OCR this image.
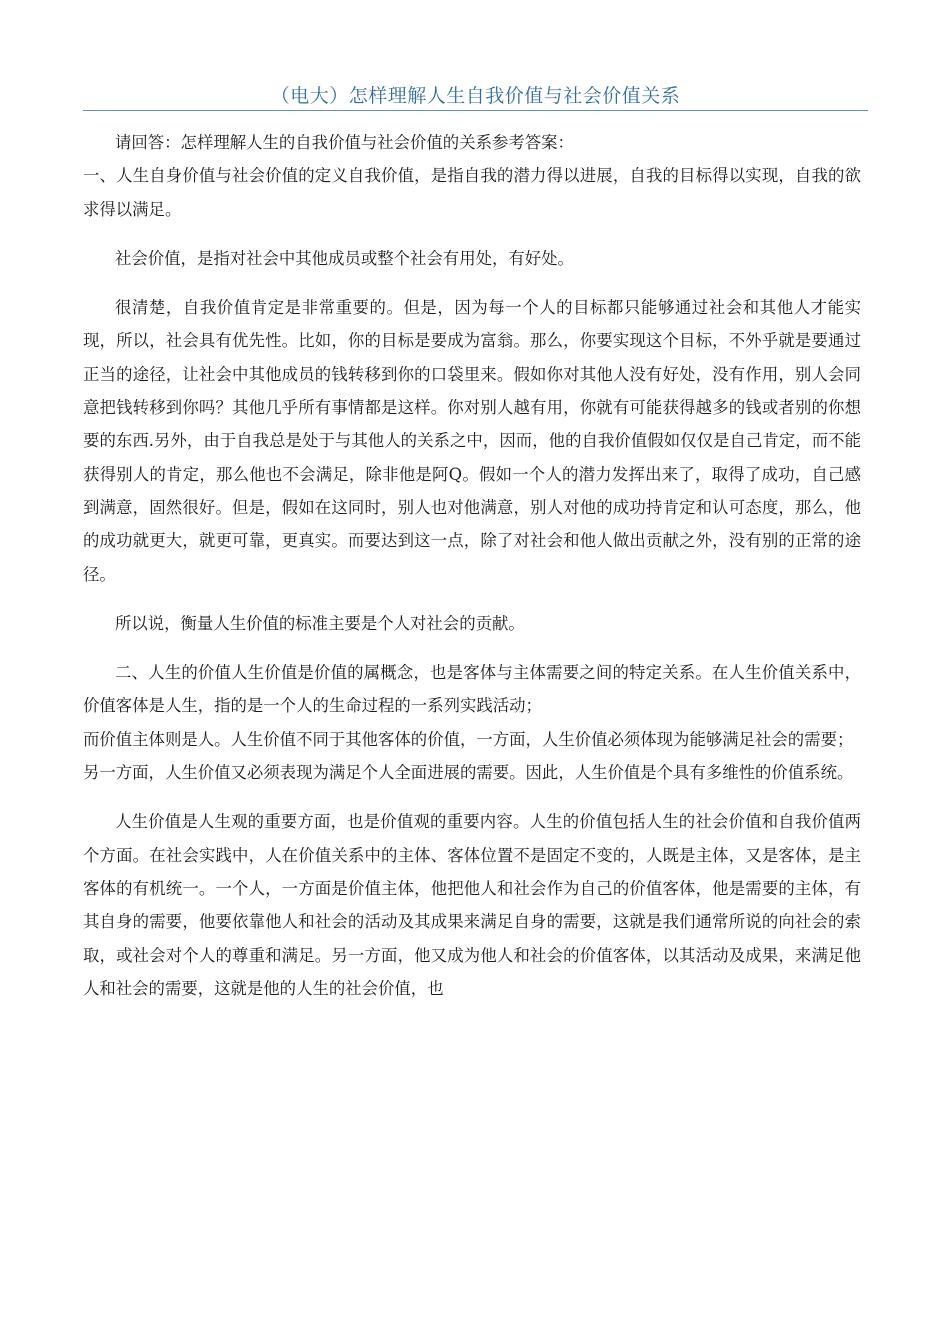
（电大）怎样理解人生自我价值与社会价值关系

请回答：怎样理解人生的自我价值与社会价值的关系参考答案：

一、人生自身价值与社会价值的定义自我价值，是指自我的潜力得以进展，自我的目标得以实现，自我的欲求得以满足。

社会价值，是指对社会中其他成员或整个社会有用处，有好处。

很清楚，自我价值肯定是非常重要的。但是，因为每一个人的目标都只能够通过社会和其他人才能实现，所以，社会具有优先性。比如，你的目标是要成为富翁。那么，你要实现这个目标，不外乎就是要通过正当的途径，让社会中其他成员的钱转移到你的口袋里来。假如你对其他人没有好处，没有作用，别人会同意把钱转移到你吗？其他几乎所有事情都是这样。你对别人越有用，你就有可能获得越多的钱或者别的你想要的东西.另外，由于自我总是处于与其他人的关系之中，因而，他的自我价值假如仅仅是自己肯定，而不能获得别人的肯定，那么他也不会满足，除非他是阿Q。假如一个人的潜力发挥出来了，取得了成功，自己感到满意，固然很好。但是，假如在这同时，别人也对他满意，别人对他的成功持肯定和认可态度，那么，他的成功就更大，就更可靠，更真实。而要达到这一点，除了对社会和他人做出贡献之外，没有别的正常的途径。

所以说，衡量人生价值的标准主要是个人对社会的贡献。

二、人生的价值人生价值是价值的属概念，也是客体与主体需要之间的特定关系。在人生价值关系中，价值客体是人生，指的是一个人的生命过程的一系列实践活动；

而价值主体则是人。人生价值不同于其他客体的价值，一方面，人生价值必须体现为能够满足社会的需要；

另一方面，人生价值又必须表现为满足个人全面进展的需要。因此，人生价值是个具有多维性的价值系统。

人生价值是人生观的重要方面，也是价值观的重要内容。人生的价值包括人生的社会价值和自我价值两个方面。在社会实践中，人在价值关系中的主体、客体位置不是固定不变的，人既是主体，又是客体，是主客体的有机统一。一个人，一方面是价值主体，他把他人和社会作为自己的价值客体，他是需要的主体，有其自身的需要，他要依靠他人和社会的活动及其成果来满足自身的需要，这就是我们通常所说的向社会的索取，或社会对个人的尊重和满足。另一方面，他又成为他人和社会的价值客体，以其活动及成果，来满足他人和社会的需要，这就是他的人生的社会价值，也
